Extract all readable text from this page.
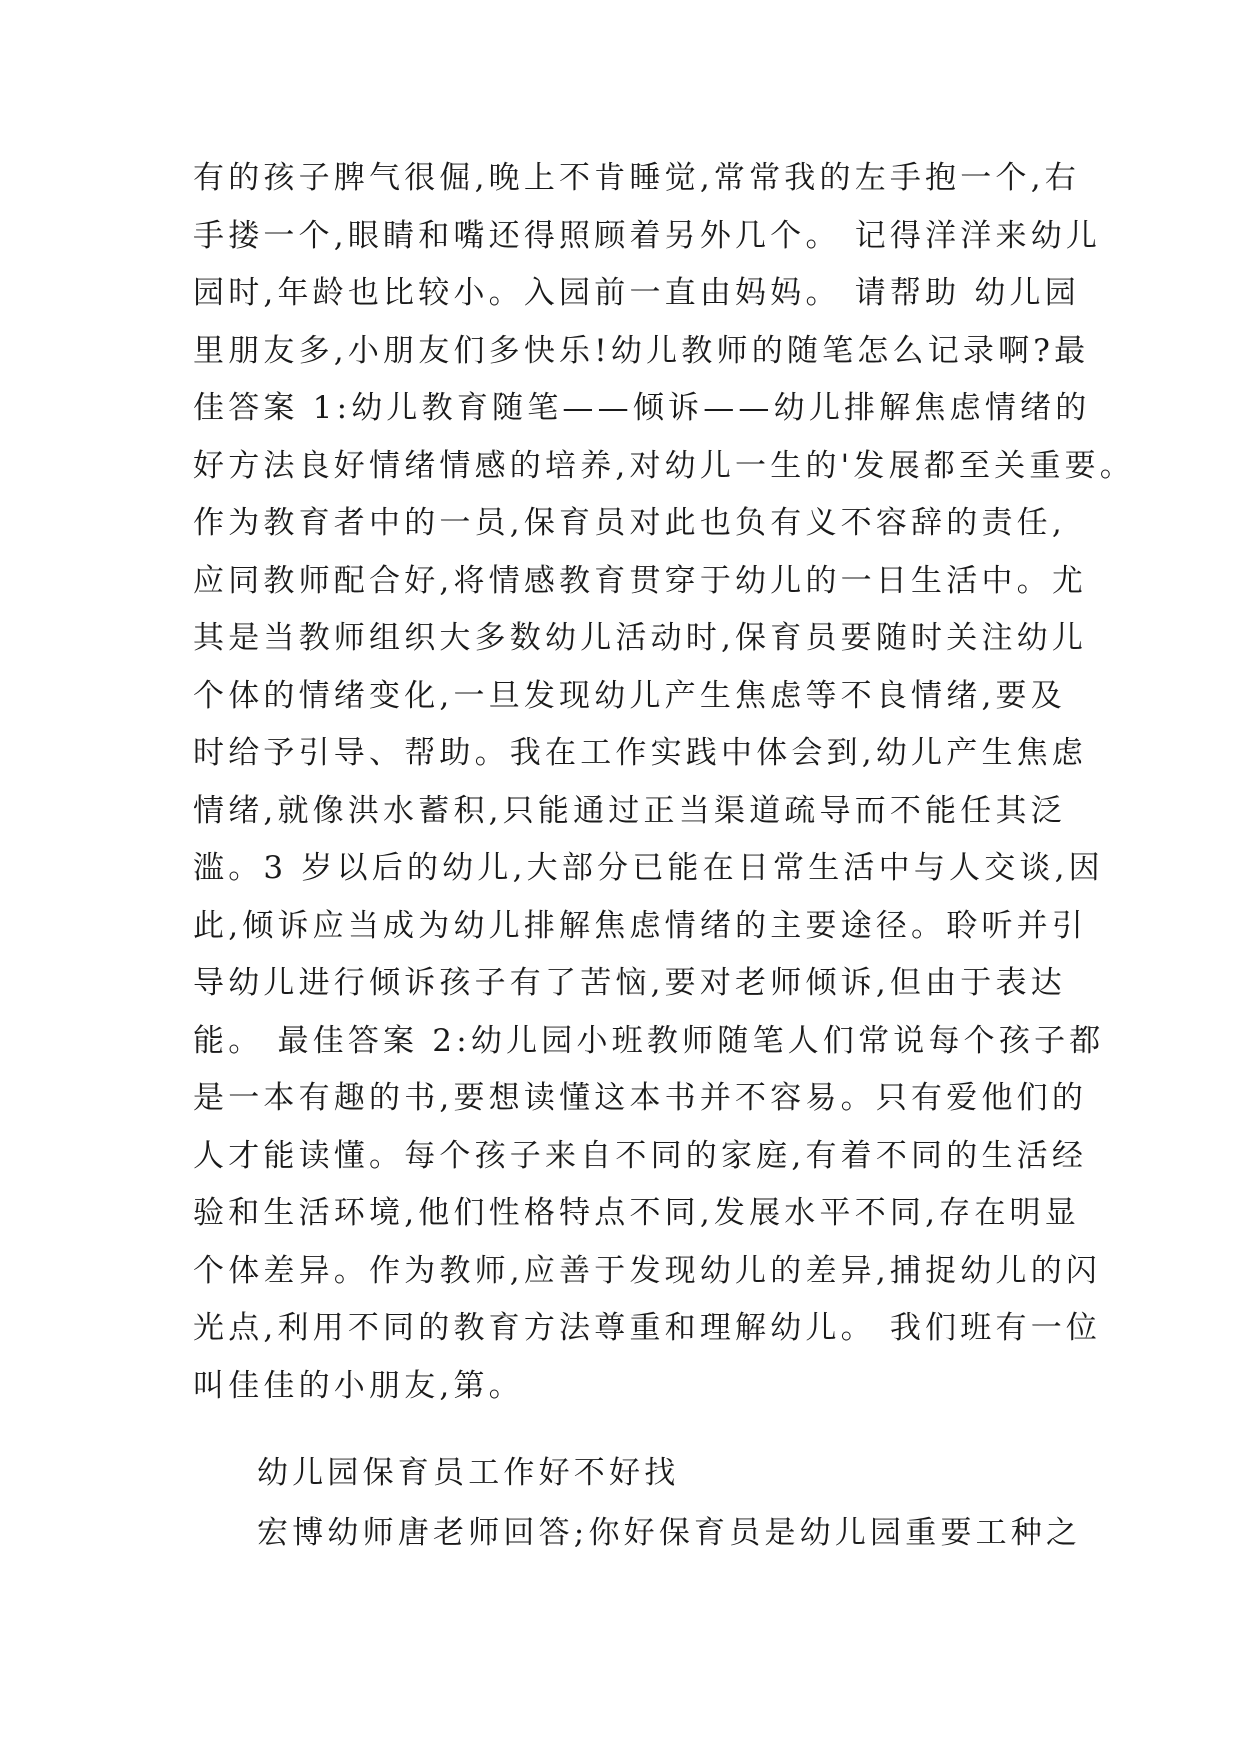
有的孩子脾气很倔,晚上不肯睡觉,常常我的左手抱一个,右
手搂一个,眼睛和嘴还得照顾着另外几个。 记得洋洋来幼儿
园时,年龄也比较小。入园前一直由妈妈。 请帮助 幼儿园
里朋友多,小朋友们多快乐!幼儿教师的随笔怎么记录啊?最
佳答案 1:幼儿教育随笔——倾诉——幼儿排解焦虑情绪的
好方法良好情绪情感的培养,对幼儿一生的'发展都至关重要。
作为教育者中的一员,保育员对此也负有义不容辞的责任,
应同教师配合好,将情感教育贯穿于幼儿的一日生活中。尤
其是当教师组织大多数幼儿活动时,保育员要随时关注幼儿
个体的情绪变化,一旦发现幼儿产生焦虑等不良情绪,要及
时给予引导、帮助。我在工作实践中体会到,幼儿产生焦虑
情绪,就像洪水蓄积,只能通过正当渠道疏导而不能任其泛
滥。3 岁以后的幼儿,大部分已能在日常生活中与人交谈,因
此,倾诉应当成为幼儿排解焦虑情绪的主要途径。聆听并引
导幼儿进行倾诉孩子有了苦恼,要对老师倾诉,但由于表达
能。 最佳答案 2:幼儿园小班教师随笔人们常说每个孩子都
是一本有趣的书,要想读懂这本书并不容易。只有爱他们的
人才能读懂。每个孩子来自不同的家庭,有着不同的生活经
验和生活环境,他们性格特点不同,发展水平不同,存在明显
个体差异。作为教师,应善于发现幼儿的差异,捕捉幼儿的闪
光点,利用不同的教育方法尊重和理解幼儿。 我们班有一位
叫佳佳的小朋友,第。
幼儿园保育员工作好不好找

宏博幼师唐老师回答;你好保育员是幼儿园重要工种之
